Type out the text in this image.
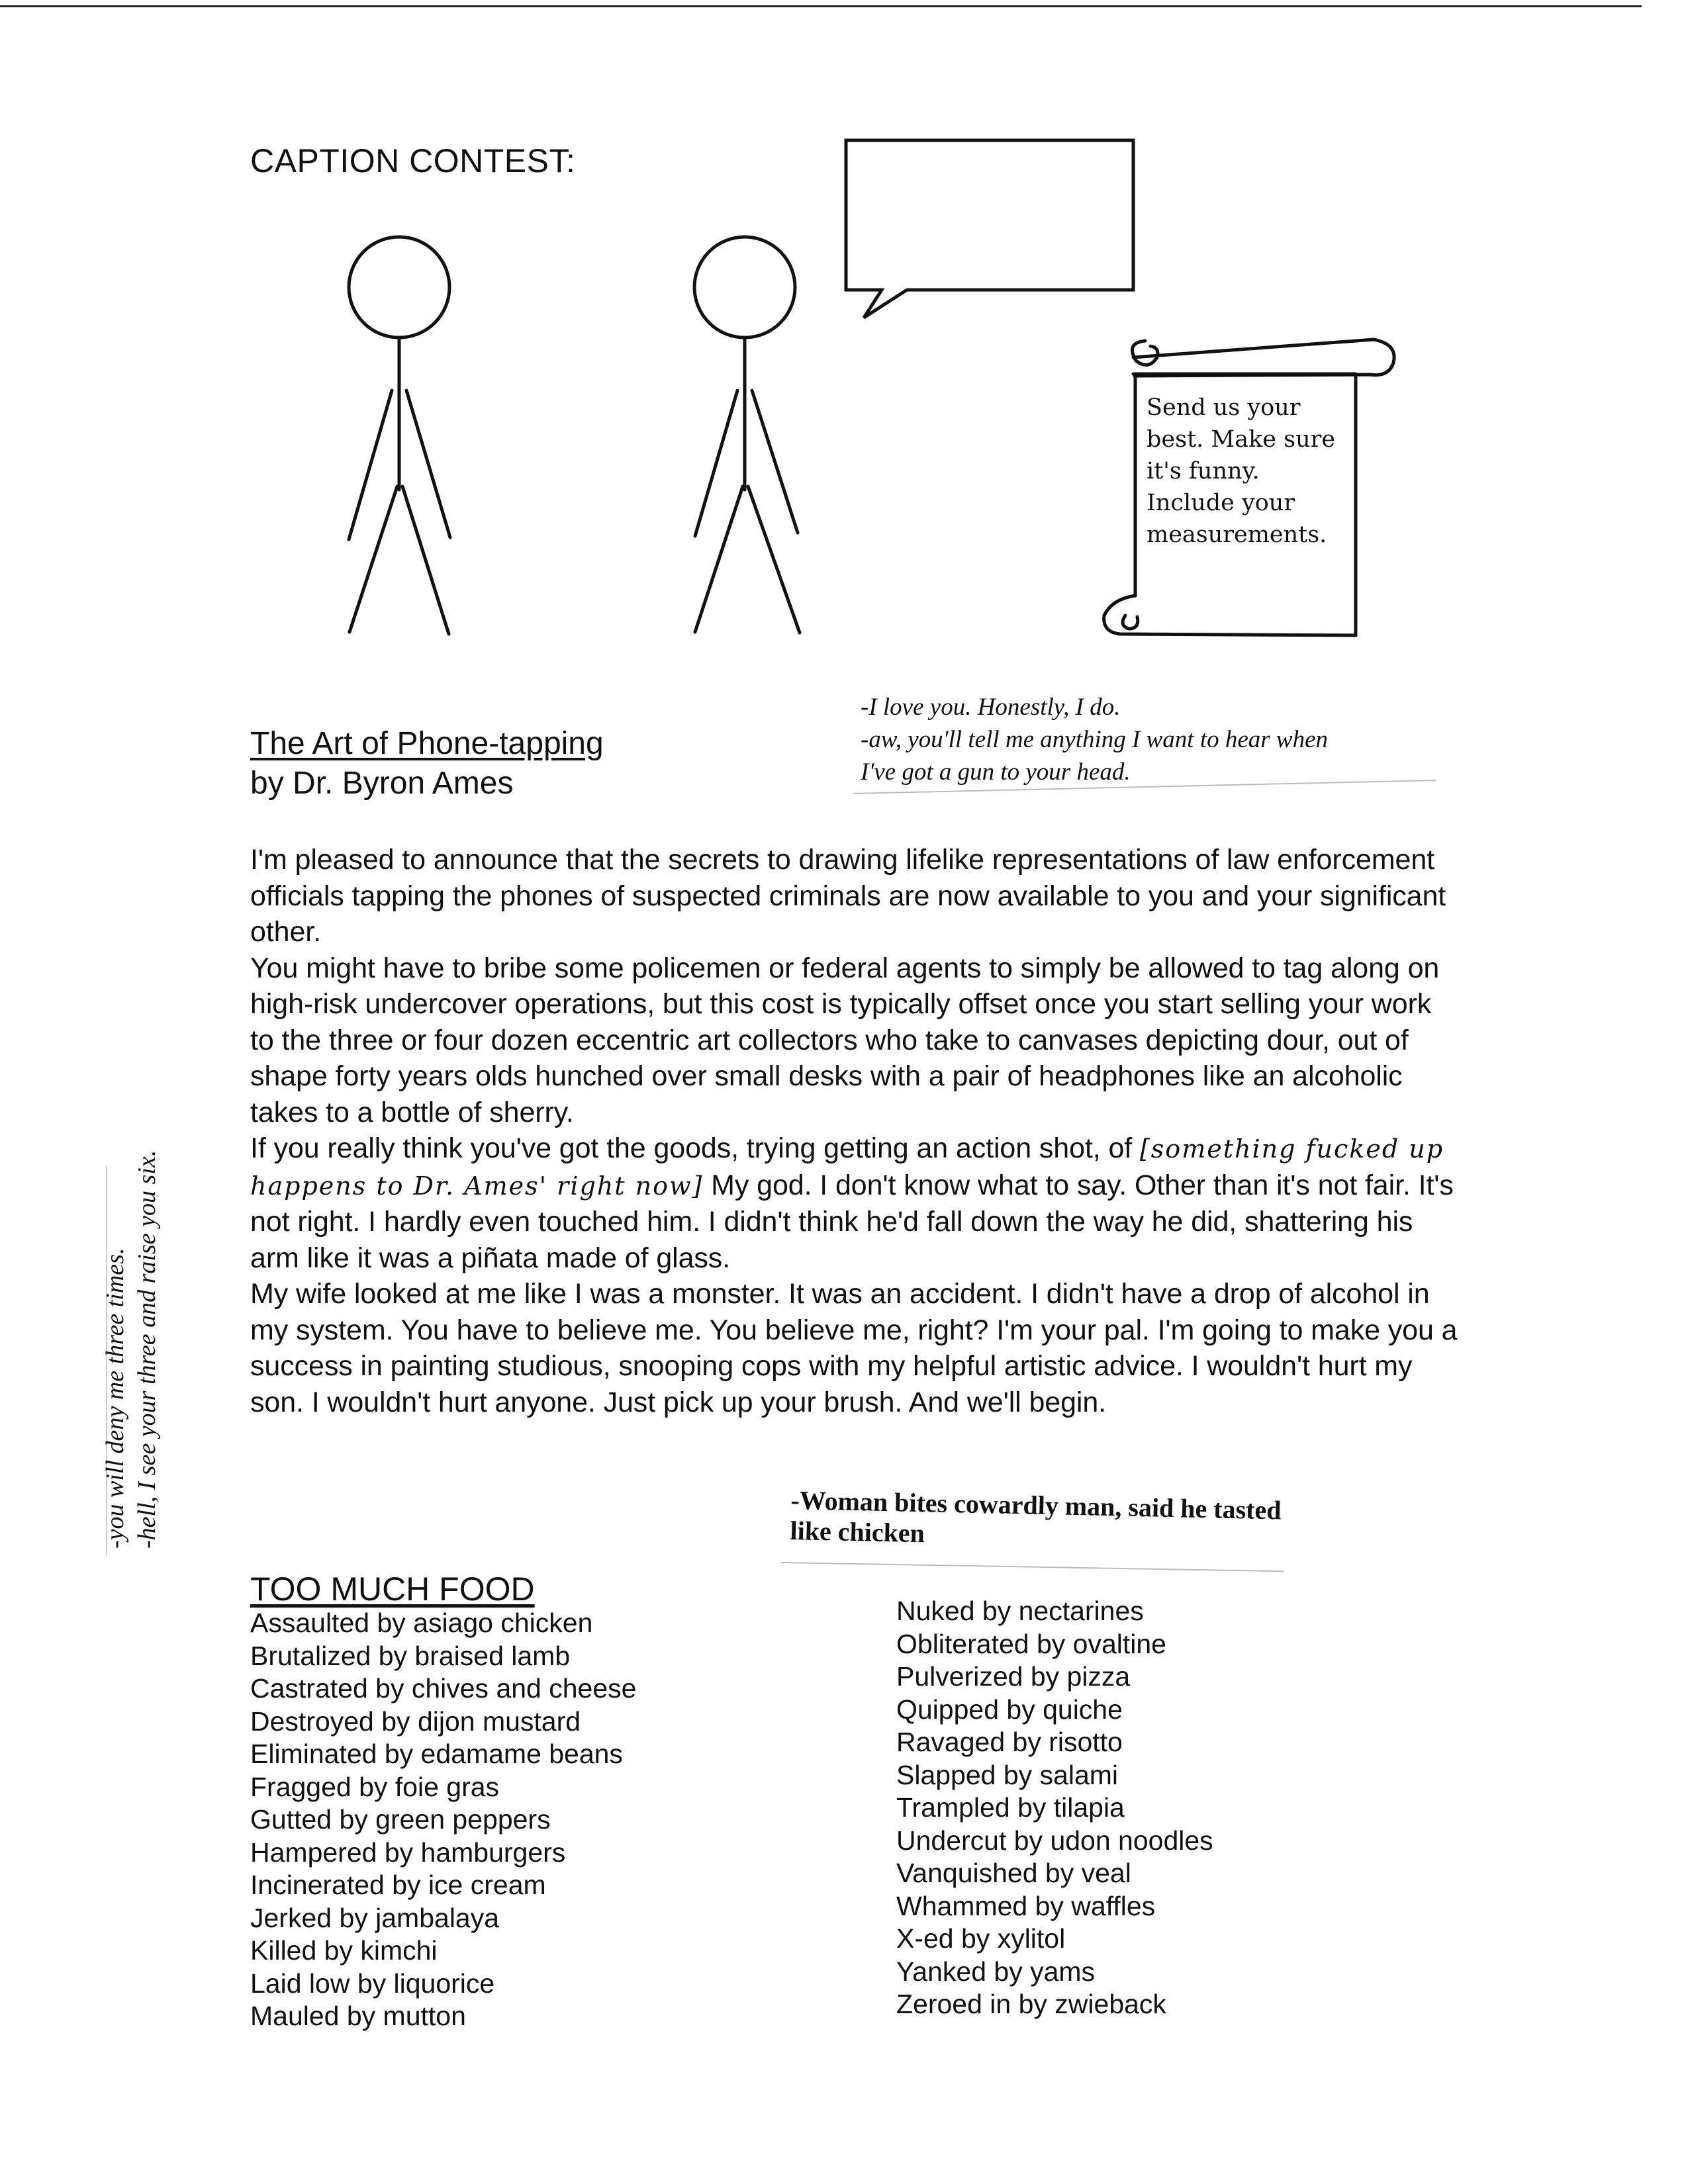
CAPTION CONTEST:
Send us your
best. Make sure
it's funny.
Include your
measurements.
-I love you. Honestly, I do.
-aw, you'll tell me anything I want to hear when
I've got a gun to your head.
The Art of Phone-tapping
by Dr. Byron Ames

I'm pleased to announce that the secrets to drawing lifelike representations of law enforcement officials tapping the phones of suspected criminals are now available to you and your significant other.

You might have to bribe some policemen or federal agents to simply be allowed to tag along on high-risk undercover operations, but this cost is typically offset once you start selling your work to the three or four dozen eccentric art collectors who take to canvases depicting dour, out of shape forty years olds hunched over small desks with a pair of headphones like an alcoholic takes to a bottle of sherry.

If you really think you've got the goods, trying getting an action shot, of [something fucked up happens to Dr. Ames' right now] My god. I don't know what to say. Other than it's not fair. It's not right. I hardly even touched him. I didn't think he'd fall down the way he did, shattering his arm like it was a piñata made of glass.

My wife looked at me like I was a monster. It was an accident. I didn't have a drop of alcohol in my system. You have to believe me. You believe me, right? I'm your pal. I'm going to make you a success in painting studious, snooping cops with my helpful artistic advice. I wouldn't hurt my son. I wouldn't hurt anyone. Just pick up your brush. And we'll begin.

-you will deny me three times. -hell, I see your three and raise you six.	-Woman bites cowardly man, said he tasted like chicken
TOO MUCH FOOD
Assaulted by asiago chicken
Brutalized by braised lamb
Castrated by chives and cheese
Destroyed by dijon mustard
Eliminated by edamame beans
Fragged by foie gras
Gutted by green peppers
Hampered by hamburgers
Incinerated by ice cream
Jerked by jambalaya
Killed by kimchi
Laid low by liquorice
Mauled by mutton
Nuked by nectarines
Obliterated by ovaltine
Pulverized by pizza
Quipped by quiche
Ravaged by risotto
Slapped by salami
Trampled by tilapia
Undercut by udon noodles
Vanquished by veal
Whammed by waffles
X-ed by xylitol
Yanked by yams
Zeroed in by zwieback
